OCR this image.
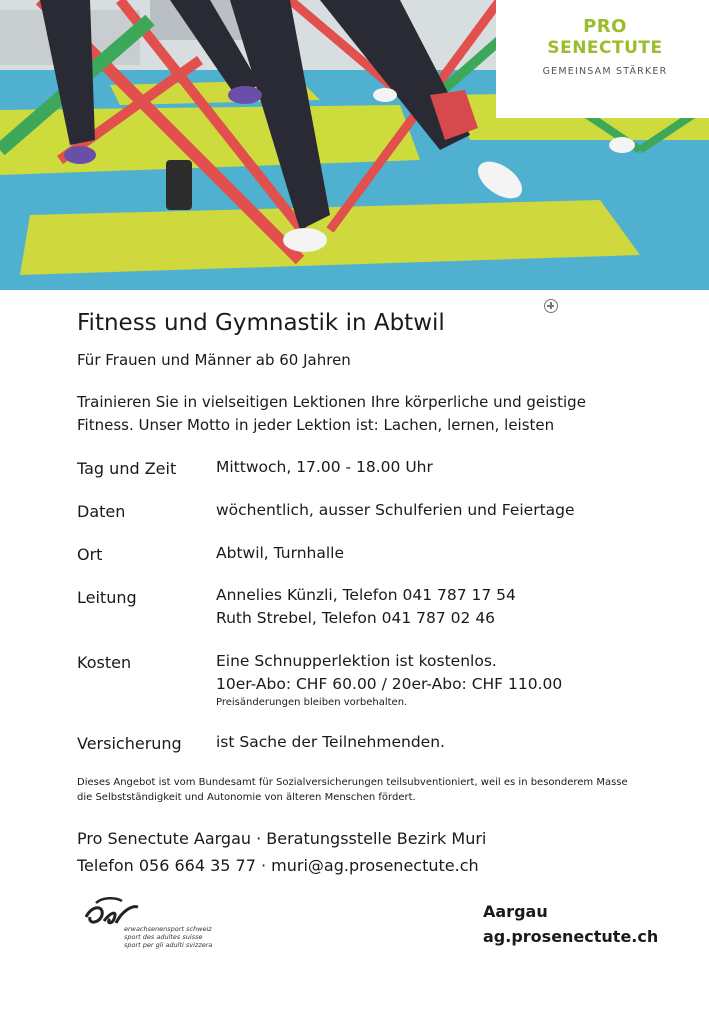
PRO
SENECTUTE
GEMEINSAM STÄRKER
Fitness und Gymnastik in Abtwil
Für Frauen und Männer ab 60 Jahren
Trainieren Sie in vielseitigen Lektionen Ihre körperliche und geistige
Fitness. Unser Motto in jeder Lektion ist: Lachen, lernen, leisten
Tag und Zeit	Mittwoch, 17.00 - 18.00 Uhr
Daten	wöchentlich, ausser Schulferien und Feiertage
Ort	Abtwil, Turnhalle
Leitung	Annelies Künzli, Telefon 041 787 17 54
Ruth Strebel, Telefon 041 787 02 46
Kosten	Eine Schnupperlektion ist kostenlos.
10er-Abo: CHF 60.00 / 20er-Abo: CHF 110.00
Preisänderungen bleiben vorbehalten.
Versicherung ist Sache der Teilnehmenden.
Dieses Angebot ist vom Bundesamt für Sozialversicherungen teilsubventioniert, weil es in besonderem Masse
die Selbstständigkeit und Autonomie von älteren Menschen fördert.
Pro Senectute Aargau · Beratungsstelle Bezirk Muri
Telefon 056 664 35 77 · muri@ag.prosenectute.ch
erwachsenensport schweiz
sport des adultes suisse
sport per gli adulti svizzera
Aargau
ag.prosenectute.ch
